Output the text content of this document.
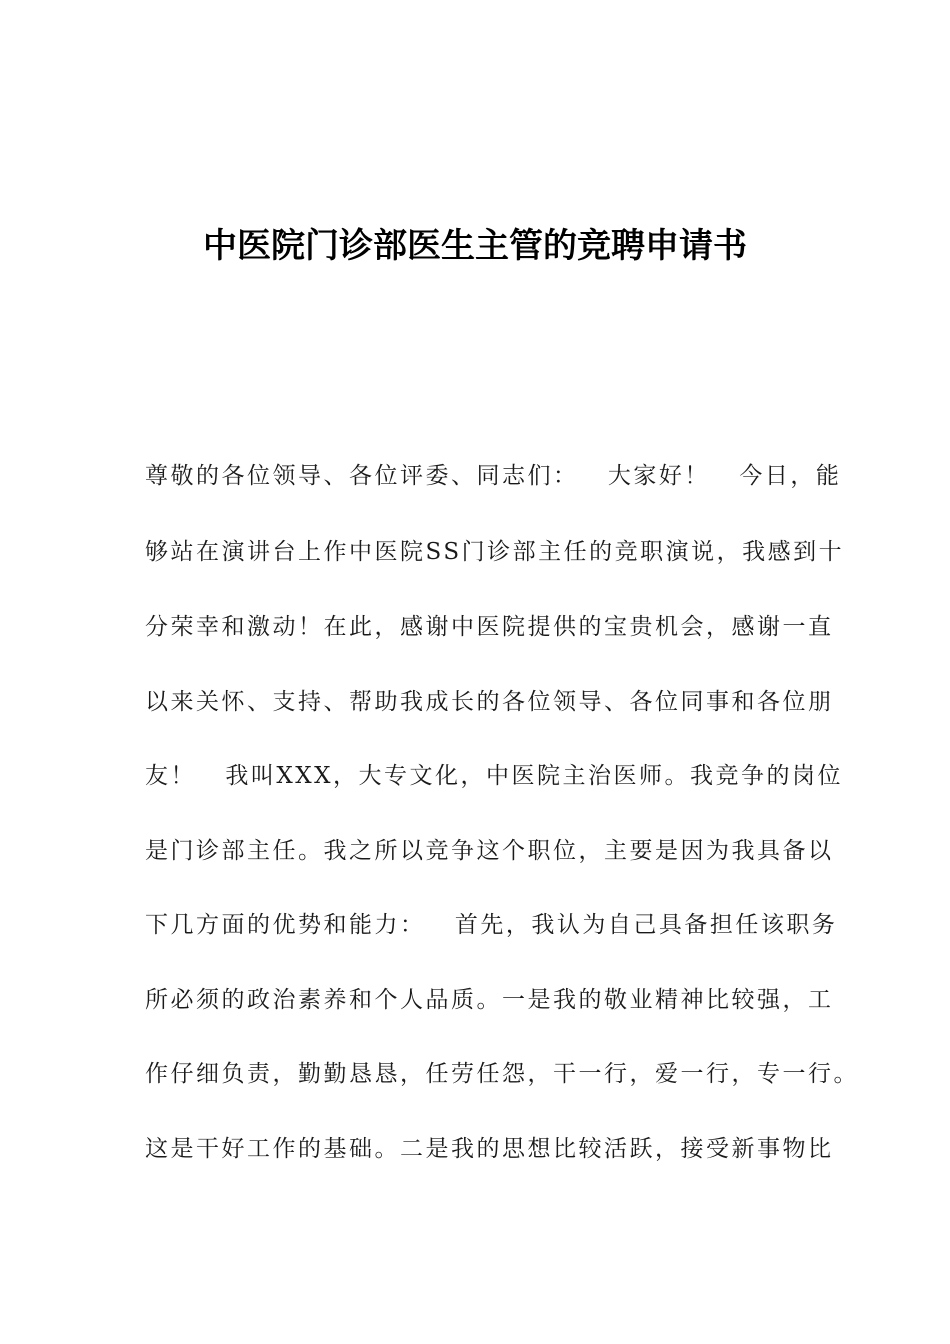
中医院门诊部医生主管的竞聘申请书
尊敬的各位领导、各位评委、同志们：   大家好！   今日，能
够站在演讲台上作中医院SS门诊部主任的竞职演说，我感到十
分荣幸和激动！在此，感谢中医院提供的宝贵机会，感谢一直
以来关怀、支持、帮助我成长的各位领导、各位同事和各位朋
友！   我叫XXX，大专文化，中医院主治医师。我竞争的岗位
是门诊部主任。我之所以竞争这个职位，主要是因为我具备以
下几方面的优势和能力：   首先，我认为自己具备担任该职务
所必须的政治素养和个人品质。一是我的敬业精神比较强，工
作仔细负责，勤勤恳恳，任劳任怨，干一行，爱一行，专一行。
这是干好工作的基础。二是我的思想比较活跃，接受新事物比
